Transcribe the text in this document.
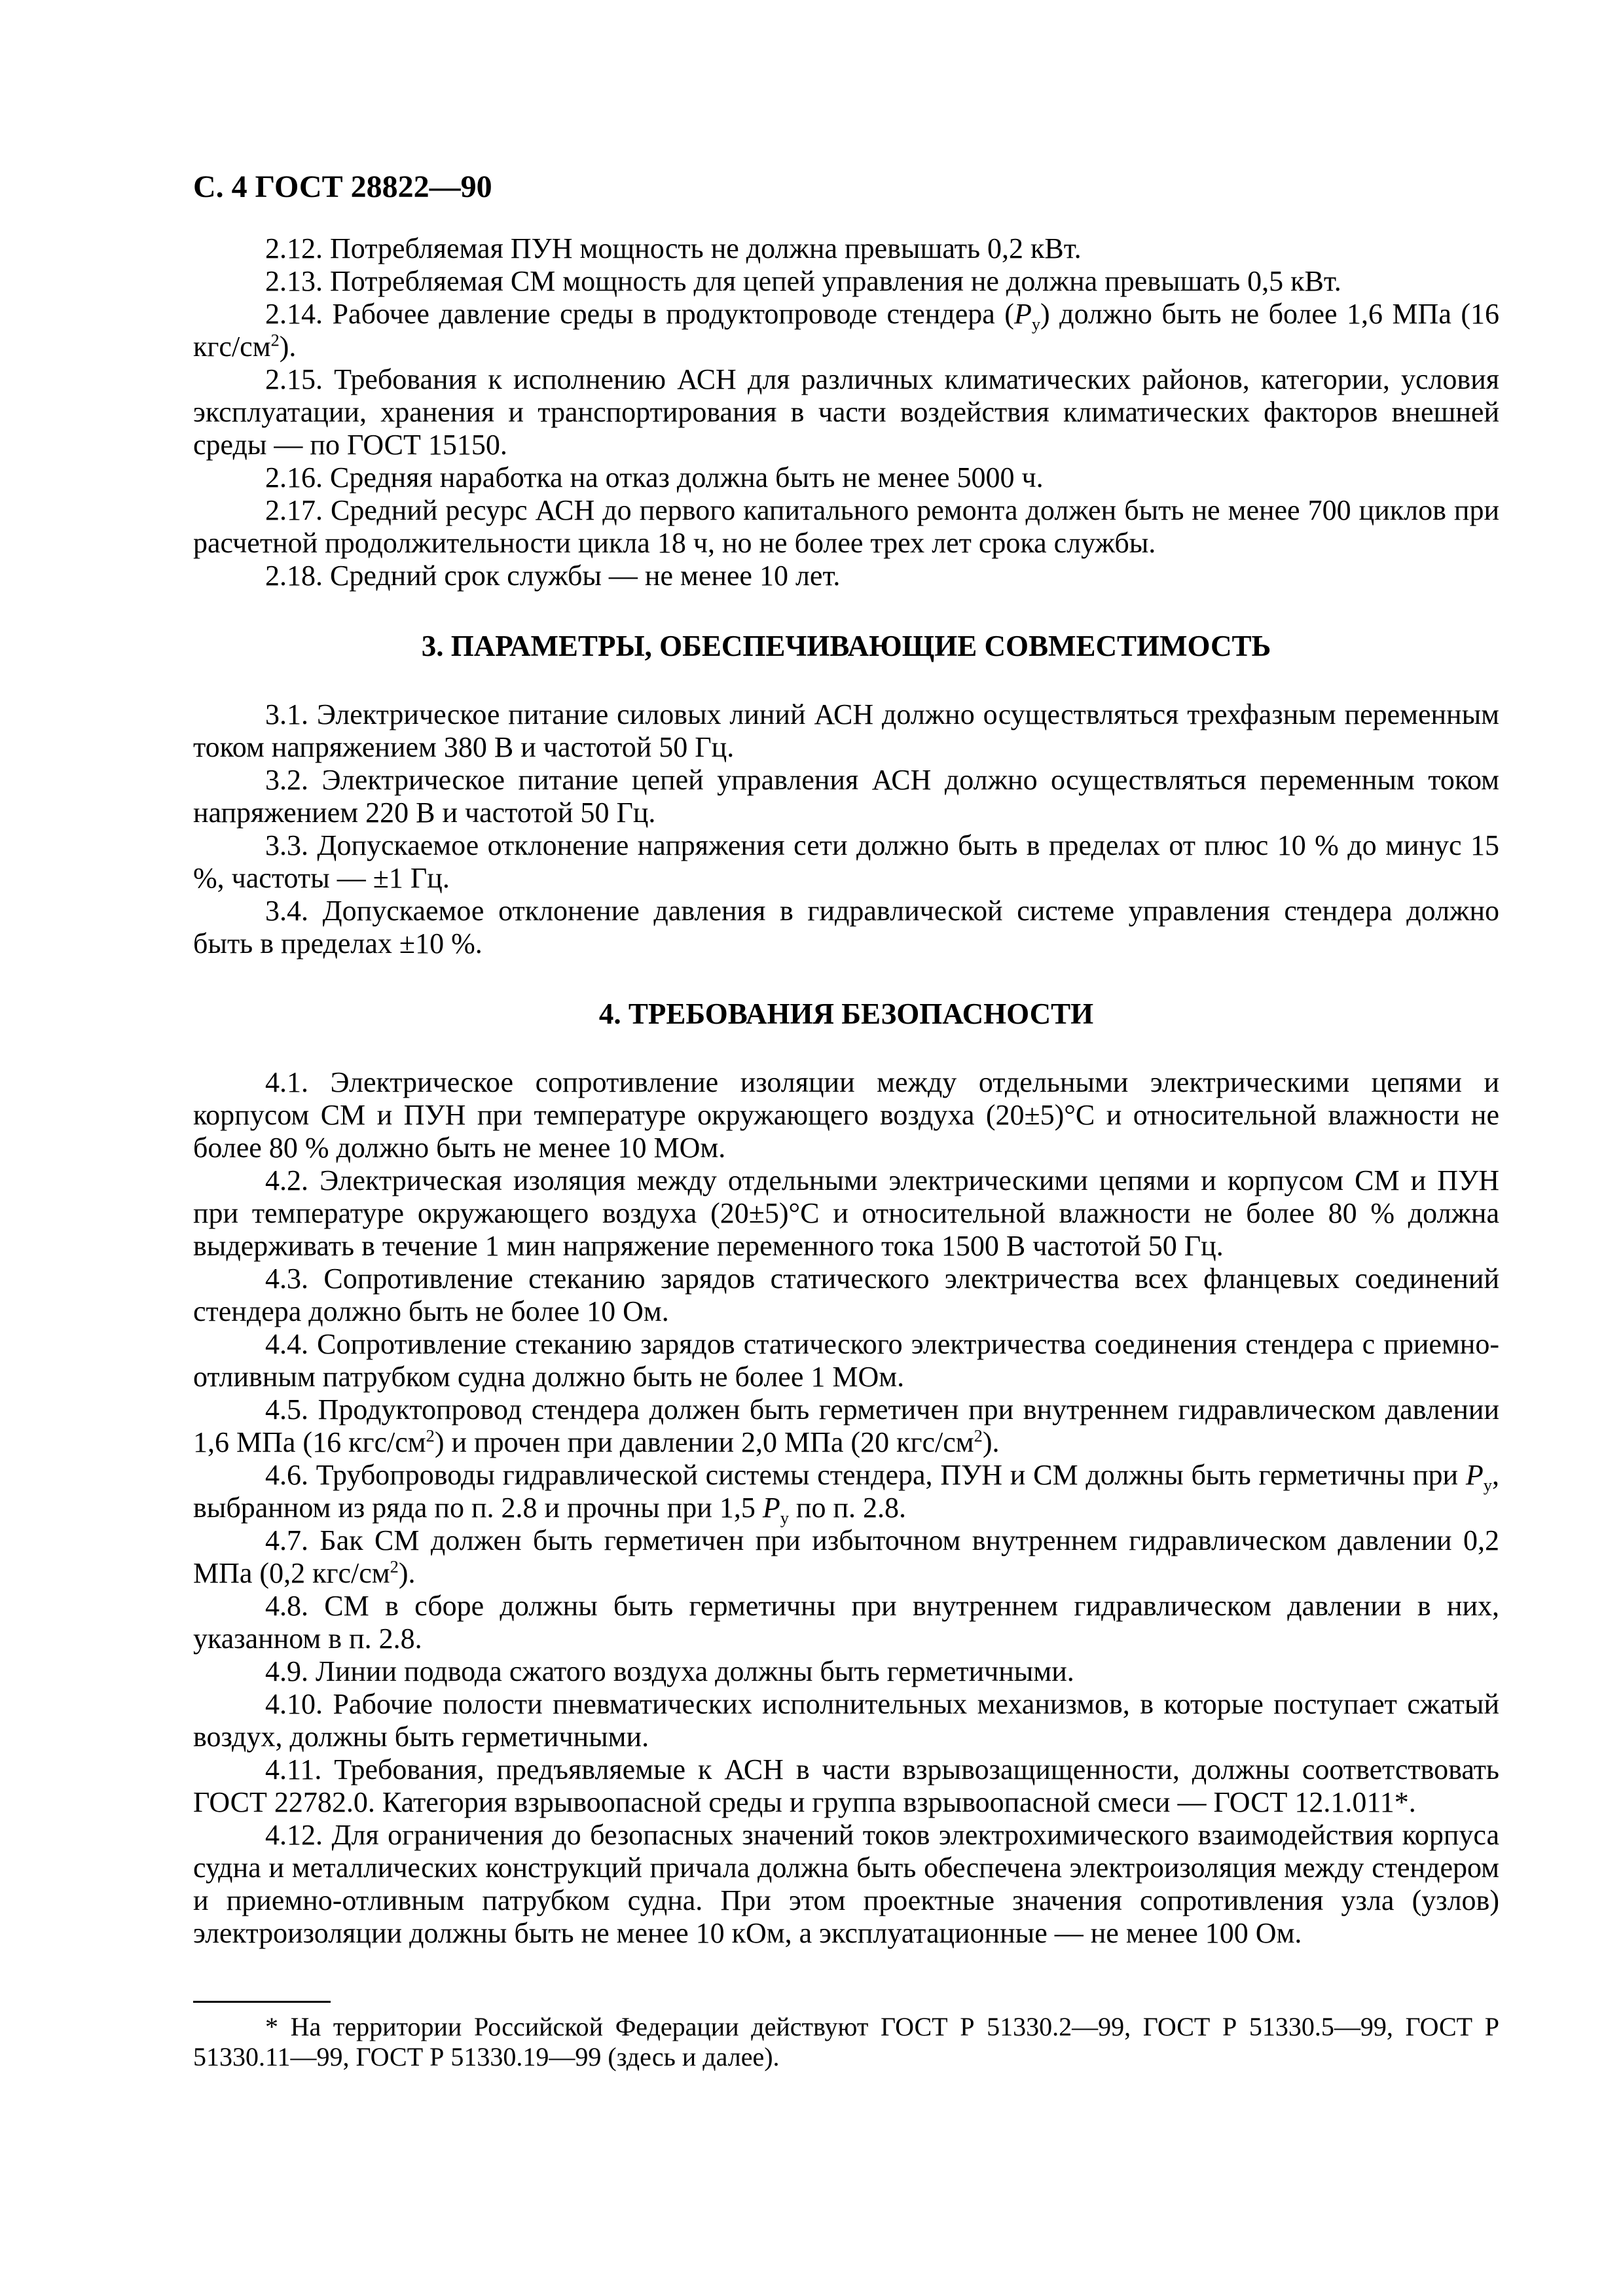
С. 4 ГОСТ 28822—90

2.12. Потребляемая ПУН мощность не должна превышать 0,2 кВт.

2.13. Потребляемая СМ мощность для цепей управления не должна превышать 0,5 кВт.

2.14. Рабочее давление среды в продуктопроводе стендера $(P_y)$ должно быть не более 1,6 МПа (16 кгс/$см^2$).

2.15. Требования к исполнению АСН для различных климатических районов, категории, условия эксплуатации, хранения и транспортирования в части воздействия климатических факторов внешней среды — по ГОСТ 15150.

2.16. Средняя наработка на отказ должна быть не менее 5000 ч.

2.17. Средний ресурс АСН до первого капитального ремонта должен быть не менее 700 циклов при расчетной продолжительности цикла 18 ч, но не более трех лет срока службы.

2.18. Средний срок службы — не менее 10 лет.

3. ПАРАМЕТРЫ, ОБЕСПЕЧИВАЮЩИЕ СОВМЕСТИМОСТЬ

3.1. Электрическое питание силовых линий АСН должно осуществляться трехфазным переменным током напряжением 380 В и частотой 50 Гц.

3.2. Электрическое питание цепей управления АСН должно осуществляться переменным током напряжением 220 В и частотой 50 Гц.

3.3. Допускаемое отклонение напряжения сети должно быть в пределах от плюс 10 % до минус 15 %, частоты — ±1 Гц.

3.4. Допускаемое отклонение давления в гидравлической системе управления стендера должно быть в пределах ±10 %.

4. ТРЕБОВАНИЯ БЕЗОПАСНОСТИ

4.1. Электрическое сопротивление изоляции между отдельными электрическими цепями и корпусом СМ и ПУН при температуре окружающего воздуха (20±5)°С и относительной влажности не более 80 % должно быть не менее 10 МОм.

4.2. Электрическая изоляция между отдельными электрическими цепями и корпусом СМ и ПУН при температуре окружающего воздуха (20±5)°С и относительной влажности не более 80 % должна выдерживать в течение 1 мин напряжение переменного тока 1500 В частотой 50 Гц.

4.3. Сопротивление стеканию зарядов статического электричества всех фланцевых соединений стендера должно быть не более 10 Ом.

4.4. Сопротивление стеканию зарядов статического электричества соединения стендера с приемно-отливным патрубком судна должно быть не более 1 МОм.

4.5. Продуктопровод стендера должен быть герметичен при внутреннем гидравлическом давлении 1,6 МПа (16 кгс/$см^2$) и прочен при давлении 2,0 МПа (20 кгс/$см^2$).

4.6. Трубопроводы гидравлической системы стендера, ПУН и СМ должны быть герметичны при $P_y$, выбранном из ряда по п. 2.8 и прочны при 1,5 $P_y$ по п. 2.8.

4.7. Бак СМ должен быть герметичен при избыточном внутреннем гидравлическом давлении 0,2 МПа (0,2 кгс/$см^2$).

4.8. СМ в сборе должны быть герметичны при внутреннем гидравлическом давлении в них, указанном в п. 2.8.

4.9. Линии подвода сжатого воздуха должны быть герметичными.

4.10. Рабочие полости пневматических исполнительных механизмов, в которые поступает сжатый воздух, должны быть герметичными.

4.11. Требования, предъявляемые к АСН в части взрывозащищенности, должны соответствовать ГОСТ 22782.0. Категория взрывоопасной среды и группа взрывоопасной смеси — ГОСТ 12.1.011*.

4.12. Для ограничения до безопасных значений токов электрохимического взаимодействия корпуса судна и металлических конструкций причала должна быть обеспечена электроизоляция между стендером и приемно-отливным патрубком судна. При этом проектные значения сопротивления узла (узлов) электроизоляции должны быть не менее 10 кОм, а эксплуатационные — не менее 100 Ом.

* На территории Российской Федерации действуют ГОСТ Р 51330.2—99, ГОСТ Р 51330.5—99, ГОСТ Р 51330.11—99, ГОСТ Р 51330.19—99 (здесь и далее).
